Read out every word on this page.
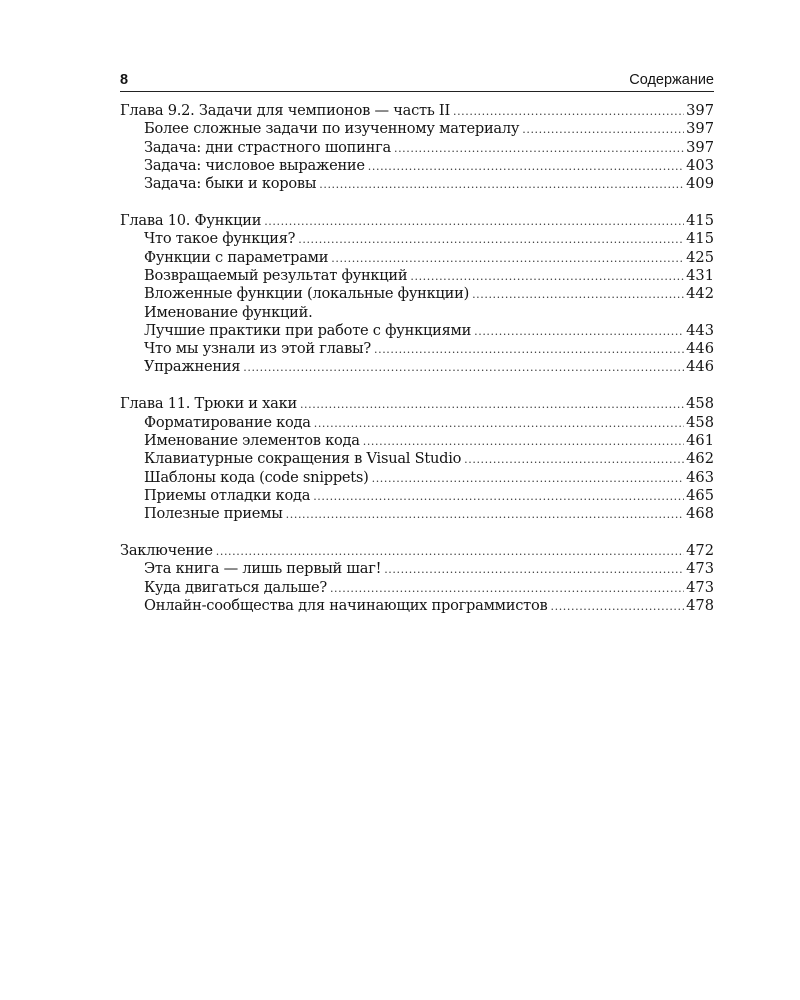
8	Содержание
Глава 9.2. Задачи для чемпионов — часть II .....	397
Более сложные задачи по изученному материалу .....	397
Задача: дни страстного шопинга .....	397
Задача: числовое выражение .....	403
Задача: быки и коровы .....	409
Глава 10. Функции .....	415
Что такое функция? .....	415
Функции с параметрами .....	425
Возвращаемый результат функций .....	431
Вложенные функции (локальные функции) .....	442
Именование функций.
Лучшие практики при работе с функциями .....	443
Что мы узнали из этой главы? .....	446
Упражнения .....	446
Глава 11. Трюки и хаки .....	458
Форматирование кода .....	458
Именование элементов кода .....	461
Клавиатурные сокращения в Visual Studio .....	462
Шаблоны кода (code snippets) .....	463
Приемы отладки кода .....	465
Полезные приемы .....	468
Заключение .....	472
Эта книга — лишь первый шаг! .....	473
Куда двигаться дальше? .....	473
Онлайн-сообщества для начинающих программистов .....	478
